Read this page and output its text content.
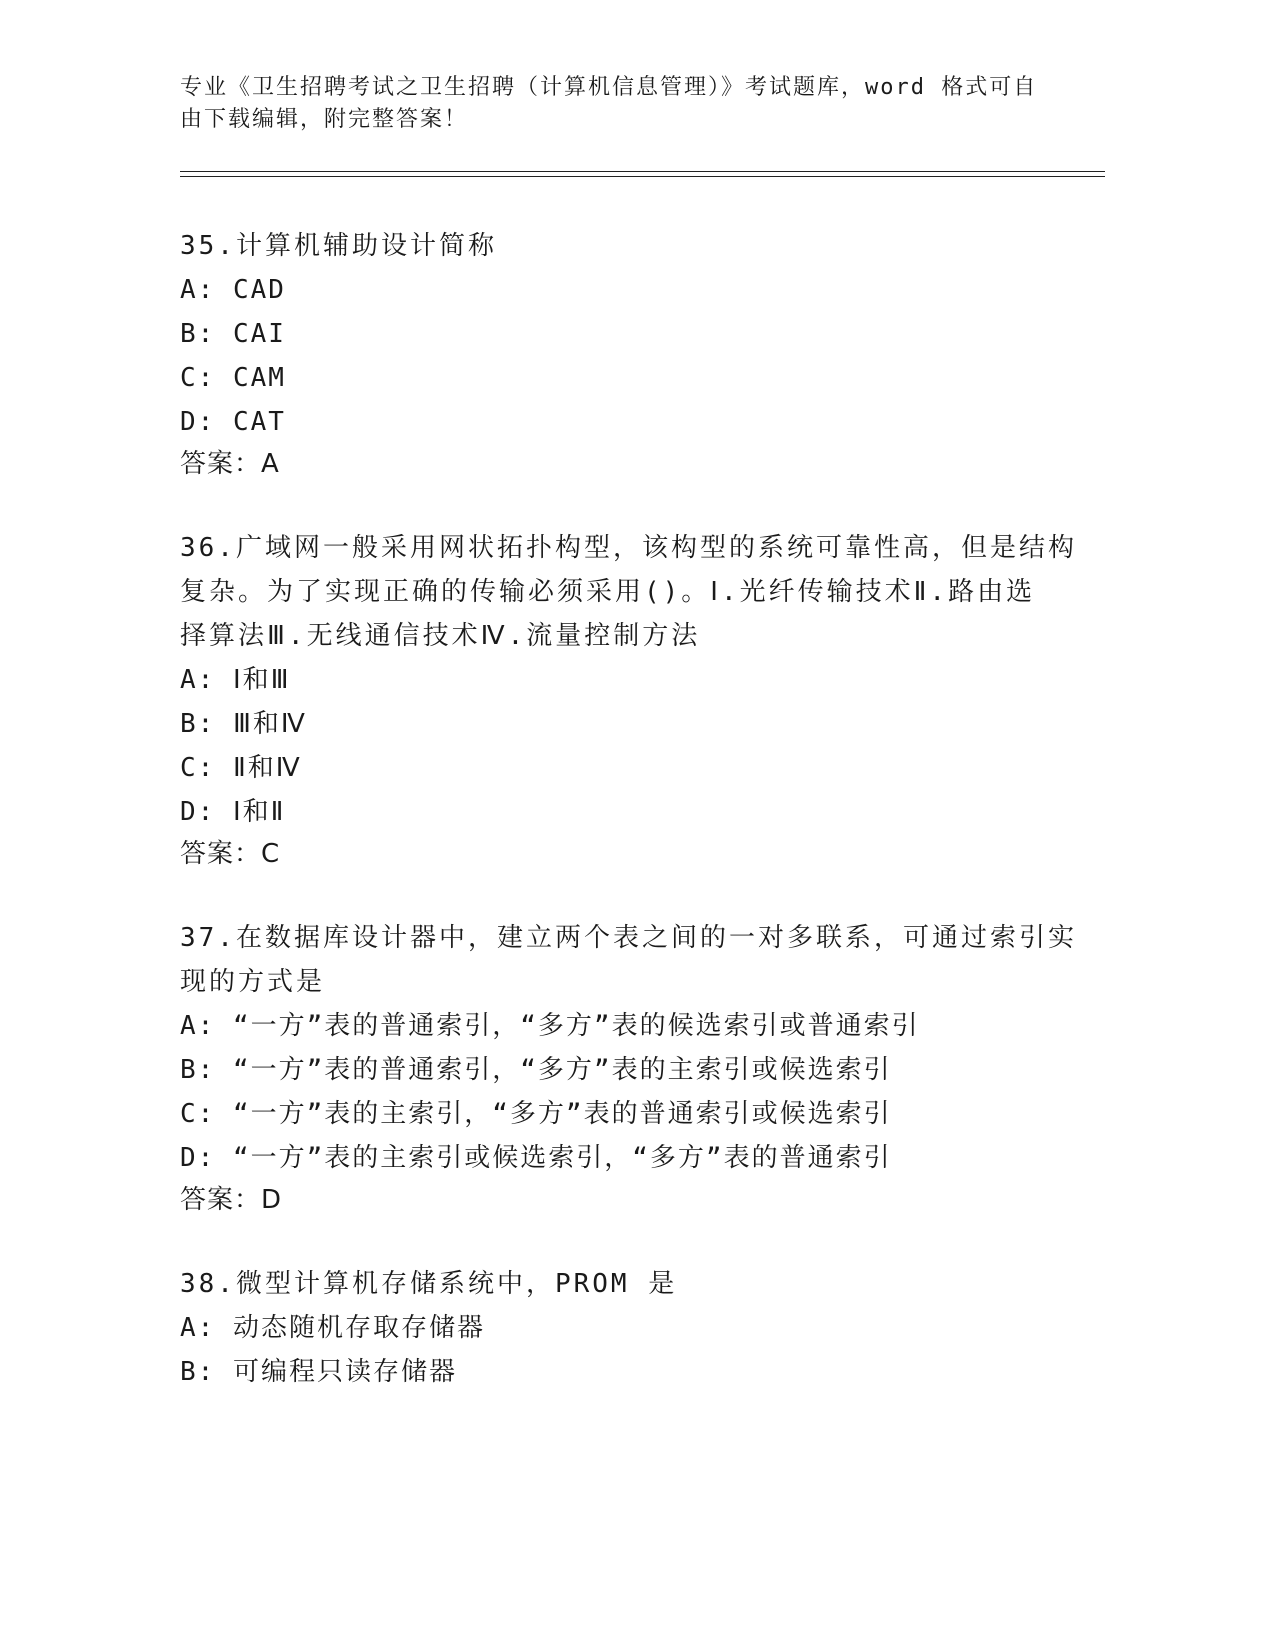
专业《卫生招聘考试之卫生招聘（计算机信息管理）》考试题库，word 格式可自
由下载编辑，附完整答案！
35.计算机辅助设计简称
A: CAD
B: CAI
C: CAM
D: CAT
答案：A
36.广域网一般采用网状拓扑构型，该构型的系统可靠性高，但是结构
复杂。为了实现正确的传输必须采用()。Ⅰ.光纤传输技术Ⅱ.路由选
择算法Ⅲ.无线通信技术Ⅳ.流量控制方法
A: Ⅰ和Ⅲ
B: Ⅲ和Ⅳ
C: Ⅱ和Ⅳ
D: Ⅰ和Ⅱ
答案：C
37.在数据库设计器中，建立两个表之间的一对多联系，可通过索引实
现的方式是
A: “一方”表的普通索引，“多方”表的候选索引或普通索引
B: “一方”表的普通索引，“多方”表的主索引或候选索引
C: “一方”表的主索引，“多方”表的普通索引或候选索引
D: “一方”表的主索引或候选索引，“多方”表的普通索引
答案：D
38.微型计算机存储系统中，PROM 是
A: 动态随机存取存储器
B: 可编程只读存储器
